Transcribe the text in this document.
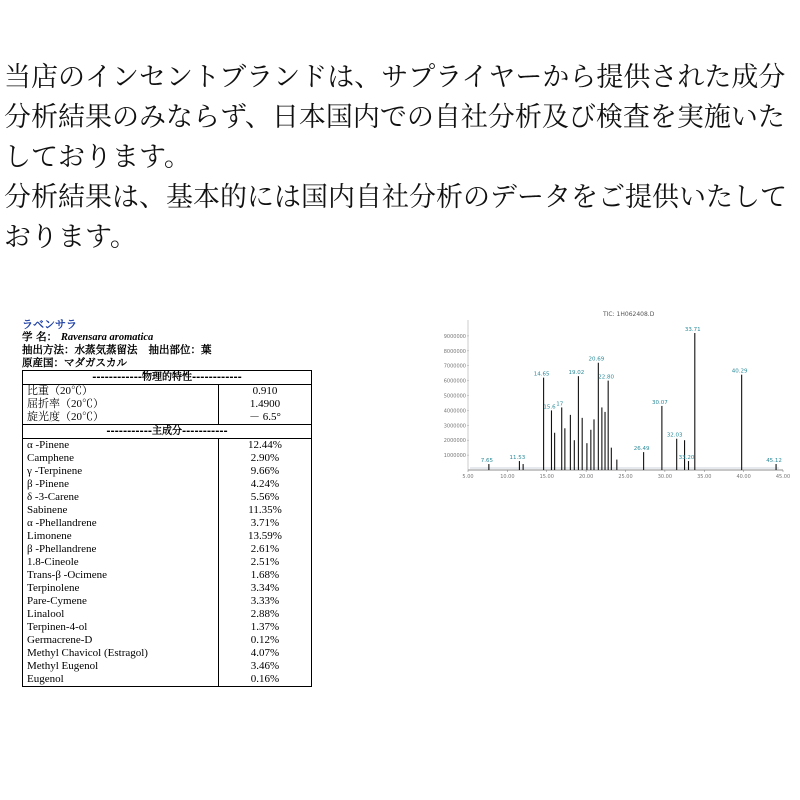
当店のインセントブランドは、サプライヤーから提供された成分分析結果のみならず、日本国内での自社分析及び検査を実施いたしております。

分析結果は、基本的には国内自社分析のデータをご提供いたしております。

ラベンサラ
学 名： Ravensara aromatica
抽出方法：水蒸気蒸留法 抽出部位：葉
原産国：マダガスカル
------------物理的特性------------	
比重（20℃）	0.910
屈折率（20℃）	1.4900
旋光度（20℃）	－ 6.5°
-----------主成分-----------	
α -Pinene	12.44%
Camphene	2.90%
γ -Terpinene	9.66%
β -Pinene	4.24%
δ -3-Carene	5.56%
Sabinene	11.35%
α -Phellandrene	3.71%
Limonene	13.59%
β -Phellandrene	2.61%
1.8-Cineole	2.51%
Trans-β -Ocimene	1.68%
Terpinolene	3.34%
Pare-Cymene	3.33%
Linalool	2.88%
Terpinen-4-ol	1.37%
Germacrene-D	0.12%
Methyl Chavicol (Estragol)	4.07%
Methyl Eugenol	3.46%
Eugenol	0.16%
TIC: 1H062408.D
9000000
8000000
7000000
6000000
5000000
4000000
3000000
2000000
1000000
5.00	10.00	15.00	20.00	25.00	30.00	35.00	40.00	45.00
7.65	11.53
14.65
15.6 17
19.02
20.69
22.80
26.49
30.07
32.03
33.20
33.71
40.29
45.12
